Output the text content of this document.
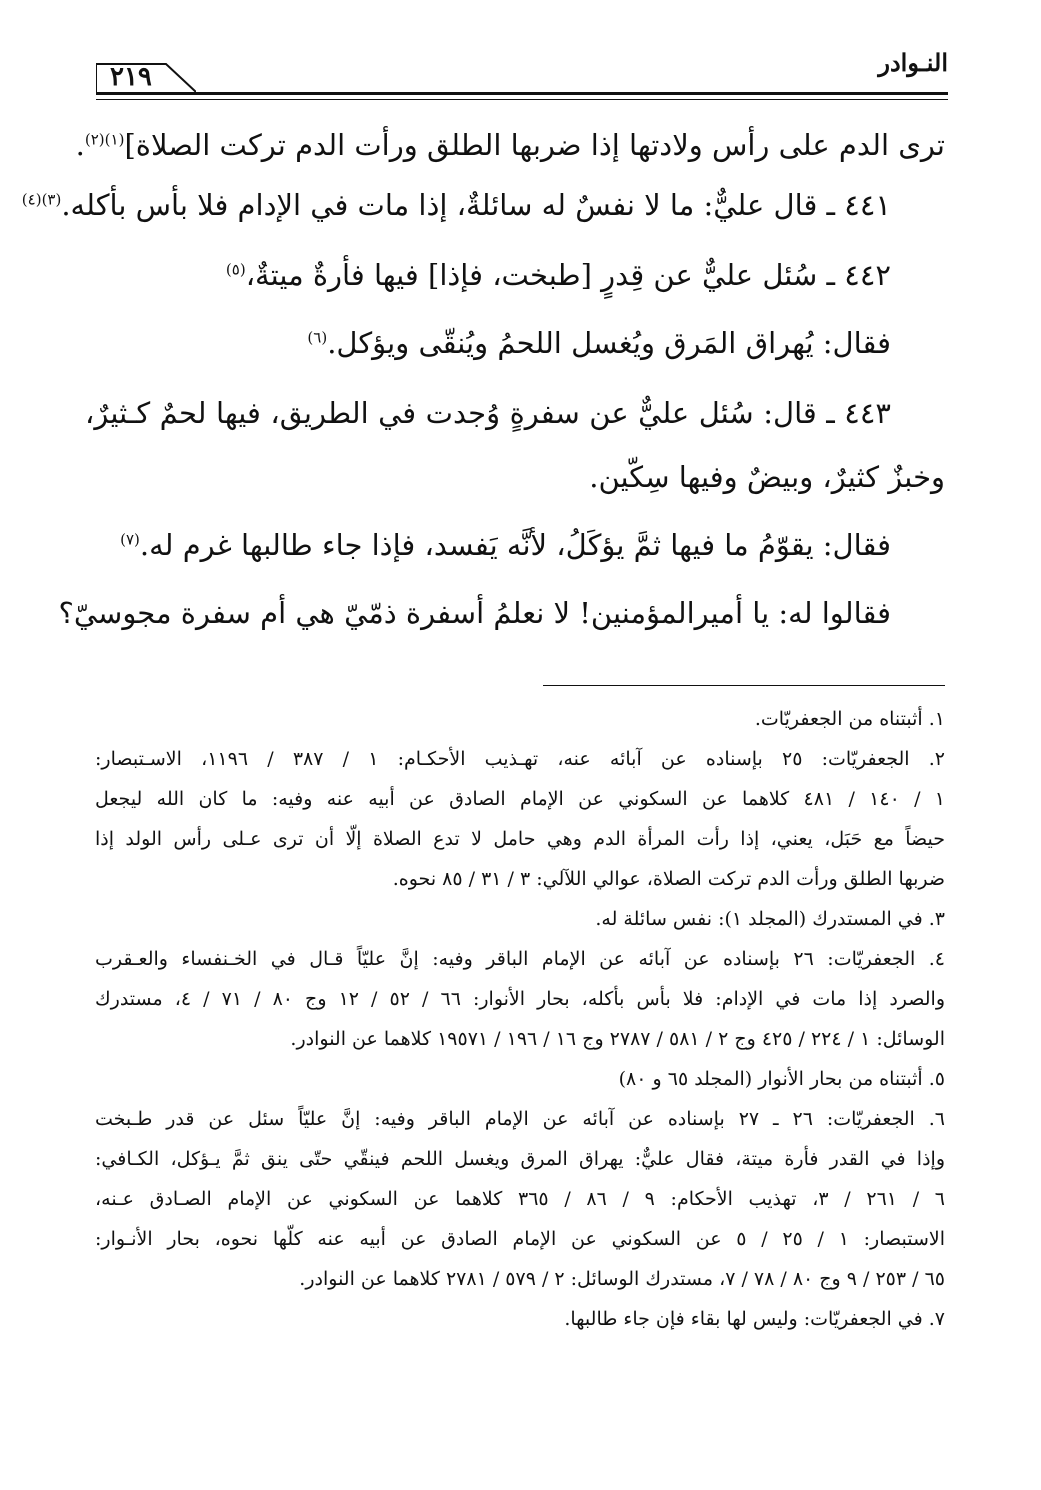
النـوادر
٢١٩
ترى الدم على رأس ولادتها إذا ضربها الطلق ورأت الدم تركت الصلاة]$^{(١)(٢)}$.
٤٤١ ـ قال عليٌّ: ما لا نفسٌ له سائلةٌ، إذا مات في الإدام فلا بأس بأكله.$^{(٣)(٤)}$
٤٤٢ ـ سُئل عليٌّ عن قِدرٍ [طبخت، فإذا] فيها فأرةٌ ميتةٌ،$^{(٥)}$
فقال: يُهراق المَرق ويُغسل اللحمُ ويُنقّى ويؤكل.$^{(٦)}$
٤٤٣ ـ قال: سُئل عليٌّ عن سفرةٍ وُجدت في الطريق، فيها لحمٌ كـثيرٌ،
وخبزٌ كثيرٌ، وبيضٌ وفيها سِكّين.
فقال: يقوّمُ ما فيها ثمَّ يؤكَلُ، لأنَّه يَفسد، فإذا جاء طالبها غرم له.$^{(٧)}$
فقالوا له: يا أميرالمؤمنين! لا نعلمُ أسفرة ذمّيّ هي أم سفرة مجوسيّ؟
١. أثبتناه من الجعفريّات.
٢. الجعفريّات: ٢٥ بإسناده عن آبائه عنه، تهـذيب الأحكـام: ١ / ٣٨٧ / ١١٩٦، الاسـتبصار:
١ / ١٤٠ / ٤٨١ كلاهما عن السكوني عن الإمام الصادق عن أبيه عنه وفيه: ما كان الله ليجعل
حيضاً مع حَبَل، يعني، إذا رأت المرأة الدم وهي حامل لا تدع الصلاة إلّا أن ترى عـلى رأس الولد إذا
ضربها الطلق ورأت الدم تركت الصلاة، عوالي اللآلي: ٣ / ٣١ / ٨٥ نحوه.
٣. في المستدرك (المجلد ١): نفس سائلة له.
٤. الجعفريّات: ٢٦ بإسناده عن آبائه عن الإمام الباقر وفيه: إنَّ عليّاً قـال في الخـنفساء والعـقرب
والصرد إذا مات في الإدام: فلا بأس بأكله، بحار الأنوار: ٦٦ / ٥٢ / ١٢ وج ٨٠ / ٧١ / ٤، مستدرك
الوسائل: ١ / ٢٢٤ / ٤٢٥ وج ٢ / ٥٨١ / ٢٧٨٧ وج ١٦ / ١٩٦ / ١٩٥٧١ كلاهما عن النوادر.
٥. أثبتناه من بحار الأنوار (المجلد ٦٥ و ٨٠)
٦. الجعفريّات: ٢٦ ـ ٢٧ بإسناده عن آبائه عن الإمام الباقر وفيه: إنَّ عليّاً سئل عن قدر طـبخت
وإذا في القدر فأرة ميتة، فقال عليٌّ: يهراق المرق ويغسل اللحم فينقّي حتّى ينق ثمَّ يـؤكل، الكـافي:
٦ / ٢٦١ / ٣، تهذيب الأحكام: ٩ / ٨٦ / ٣٦٥ كلاهما عن السكوني عن الإمام الصـادق عـنه،
الاستبصار: ١ / ٢٥ / ٥ عن السكوني عن الإمام الصادق عن أبيه عنه كلّها نحوه، بحار الأنـوار:
٦٥ / ٢٥٣ / ٩ وج ٨٠ / ٧٨ / ٧، مستدرك الوسائل: ٢ / ٥٧٩ / ٢٧٨١ كلاهما عن النوادر.
٧. في الجعفريّات: وليس لها بقاء فإن جاء طالبها.
